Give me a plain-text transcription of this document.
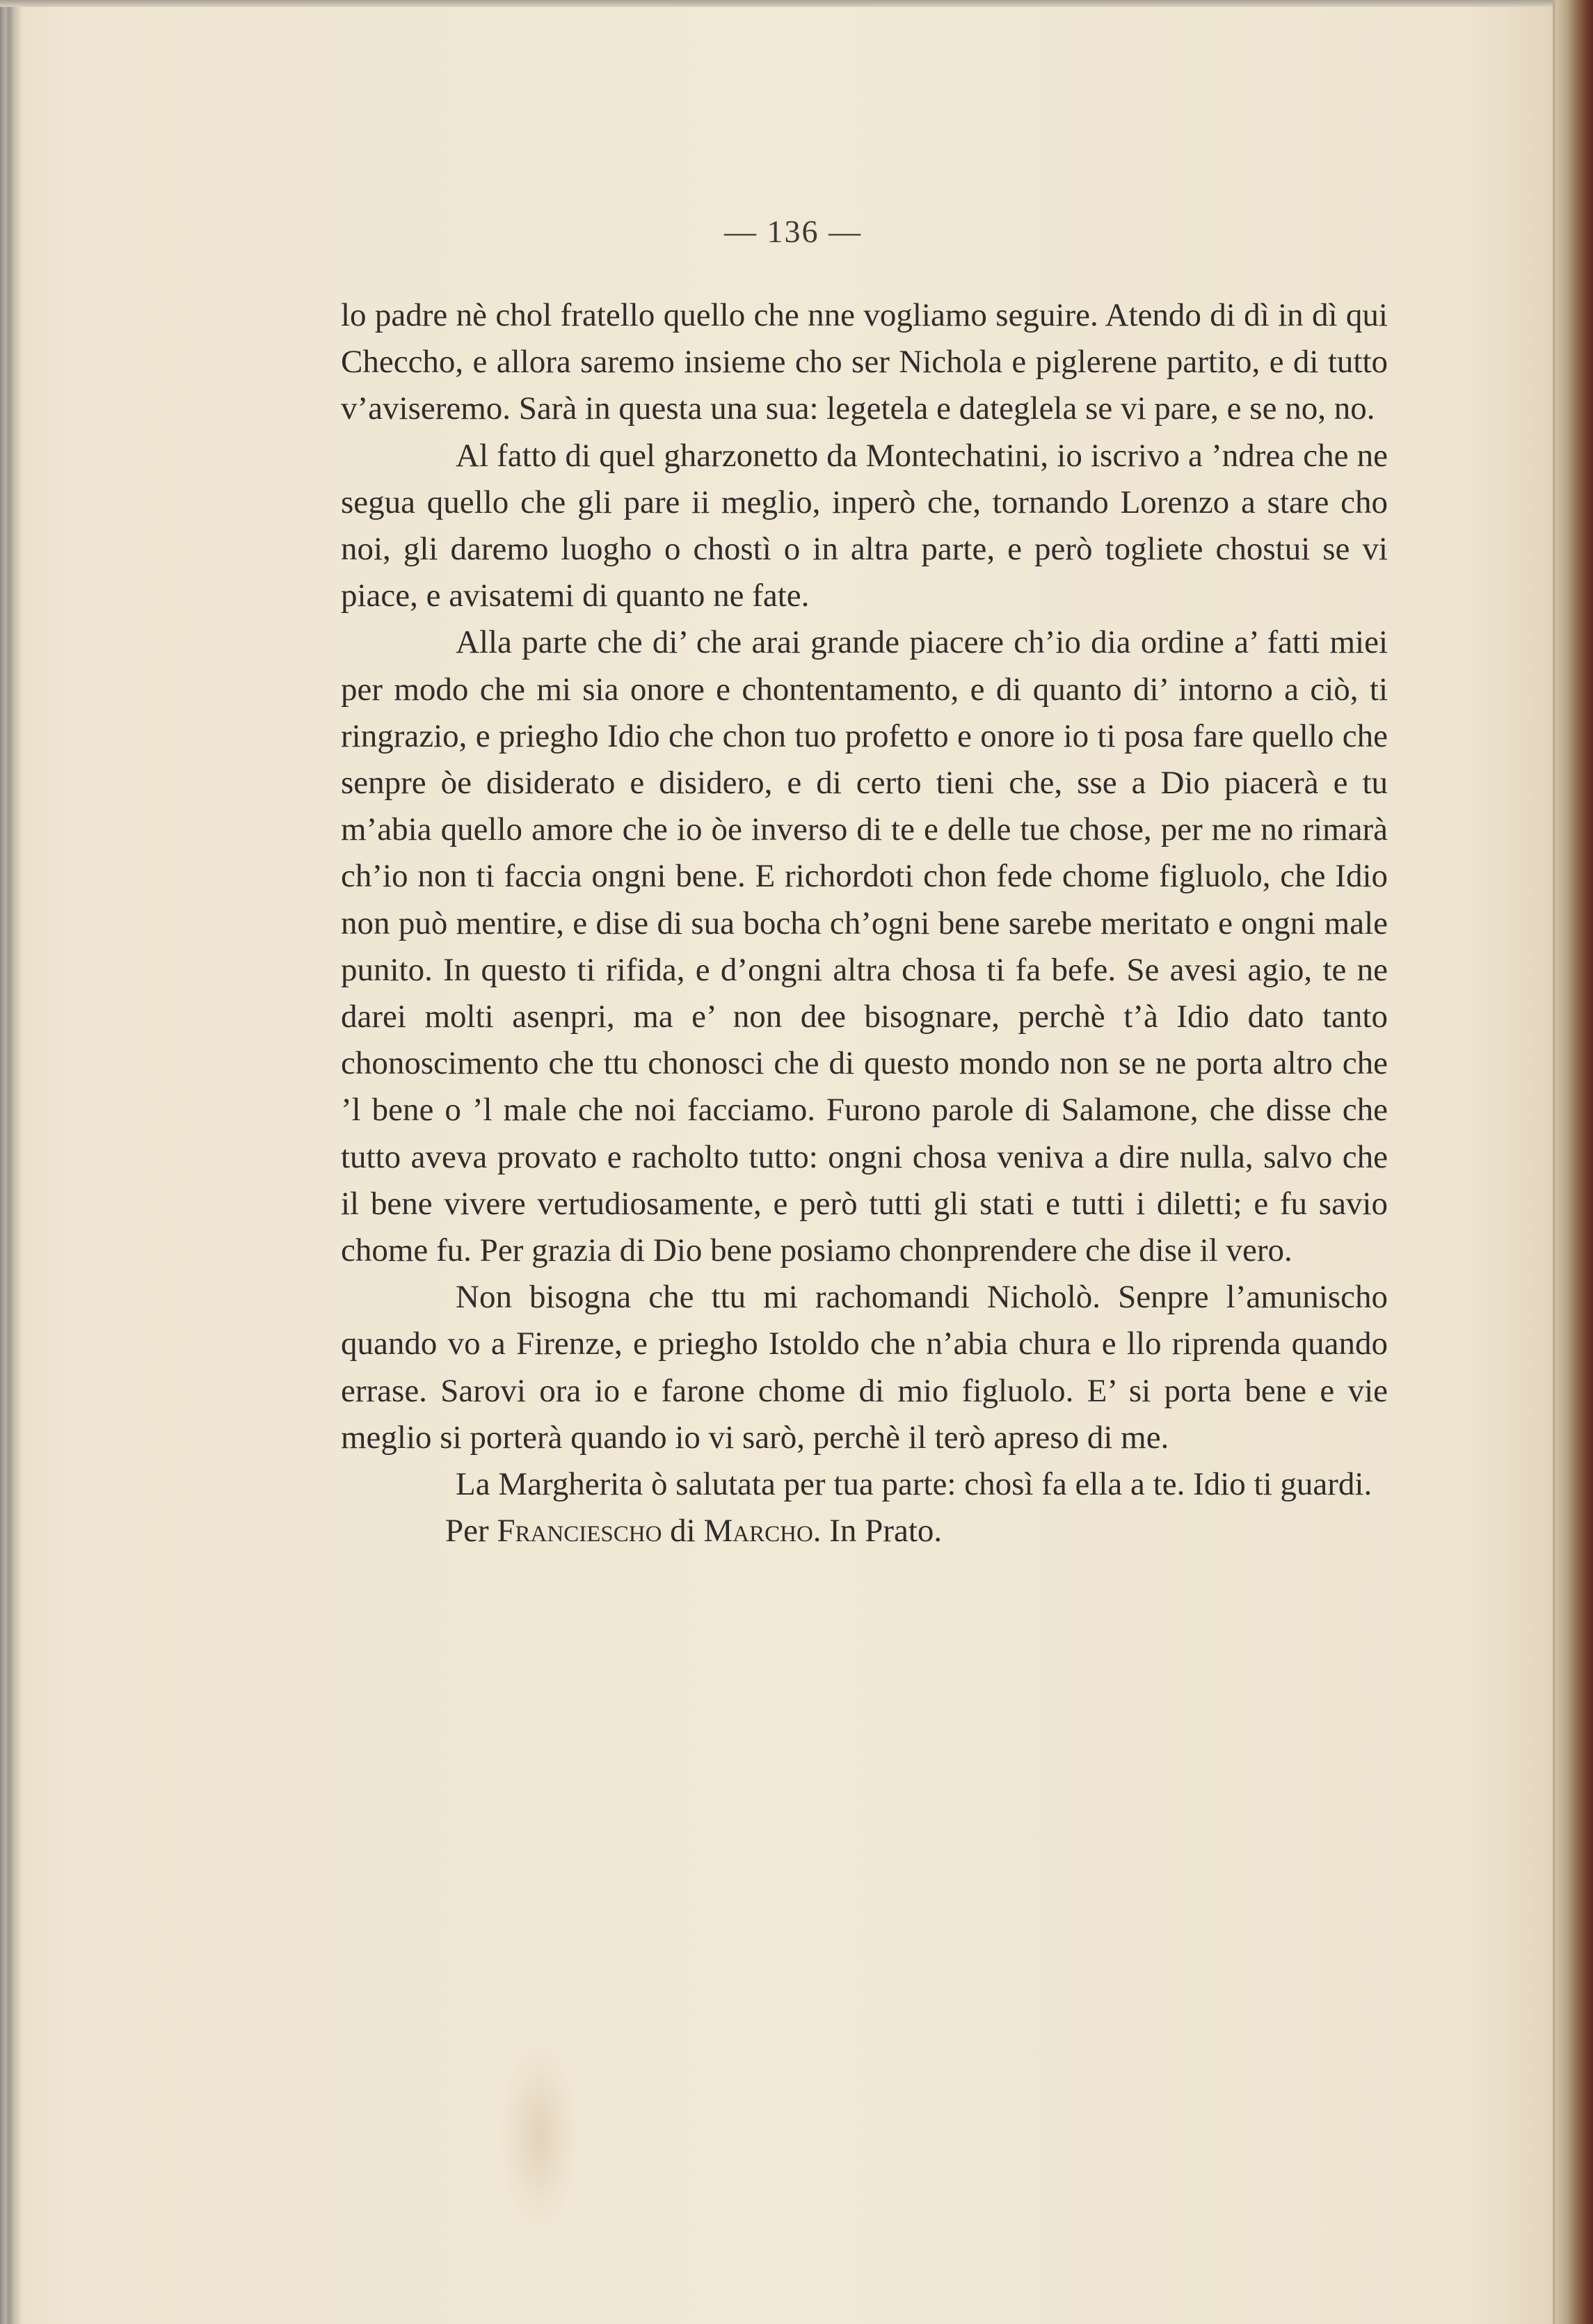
— 136 —

lo padre nè chol fratello quello che nne vogliamo seguire. Atendo di dì in dì qui Checcho, e allora saremo insieme cho ser Nichola e piglerene partito, e di tutto v’aviseremo. Sarà in questa una sua: legetela e dateglela se vi pare, e se no, no.

Al fatto di quel gharzonetto da Montechatini, io iscrivo a ’ndrea che ne segua quello che gli pare ii meglio, inperò che, tornando Lorenzo a stare cho noi, gli daremo luogho o chostì o in altra parte, e però togliete chostui se vi piace, e avisatemi di quanto ne fate.

Alla parte che di’ che arai grande piacere ch’io dia ordine a’ fatti miei per modo che mi sia onore e chontentamento, e di quanto di’ intorno a ciò, ti ringrazio, e priegho Idio che chon tuo profetto e onore io ti posa fare quello che senpre òe disiderato e disidero, e di certo tieni che, sse a Dio piacerà e tu m’abia quello amore che io òe inverso di te e delle tue chose, per me no rimarà ch’io non ti faccia ongni bene. E richordoti chon fede chome figluolo, che Idio non può mentire, e dise di sua bocha ch’ogni bene sarebe meritato e ongni male punito. In questo ti rifida, e d’ongni altra chosa ti fa befe. Se avesi agio, te ne darei molti asenpri, ma e’ non dee bisognare, perchè t’à Idio dato tanto chonoscimento che ttu chonosci che di questo mondo non se ne porta altro che ’l bene o ’l male che noi facciamo. Furono parole di Salamone, che disse che tutto aveva provato e racholto tutto: ongni chosa veniva a dire nulla, salvo che il bene vivere vertudiosamente, e però tutti gli stati e tutti i diletti; e fu savio chome fu. Per grazia di Dio bene posiamo chonprendere che dise il vero.

Non bisogna che ttu mi rachomandi Nicholò. Senpre l’amunischo quando vo a Firenze, e priegho Istoldo che n’abia chura e llo riprenda quando errase. Sarovi ora io e farone chome di mio figluolo. E’ si porta bene e vie meglio si porterà quando io vi sarò, perchè il terò apreso di me.

La Margherita ò salutata per tua parte: chosì fa ella a te. Idio ti guardi.

Per Franciescho di Marcho. In Prato.
